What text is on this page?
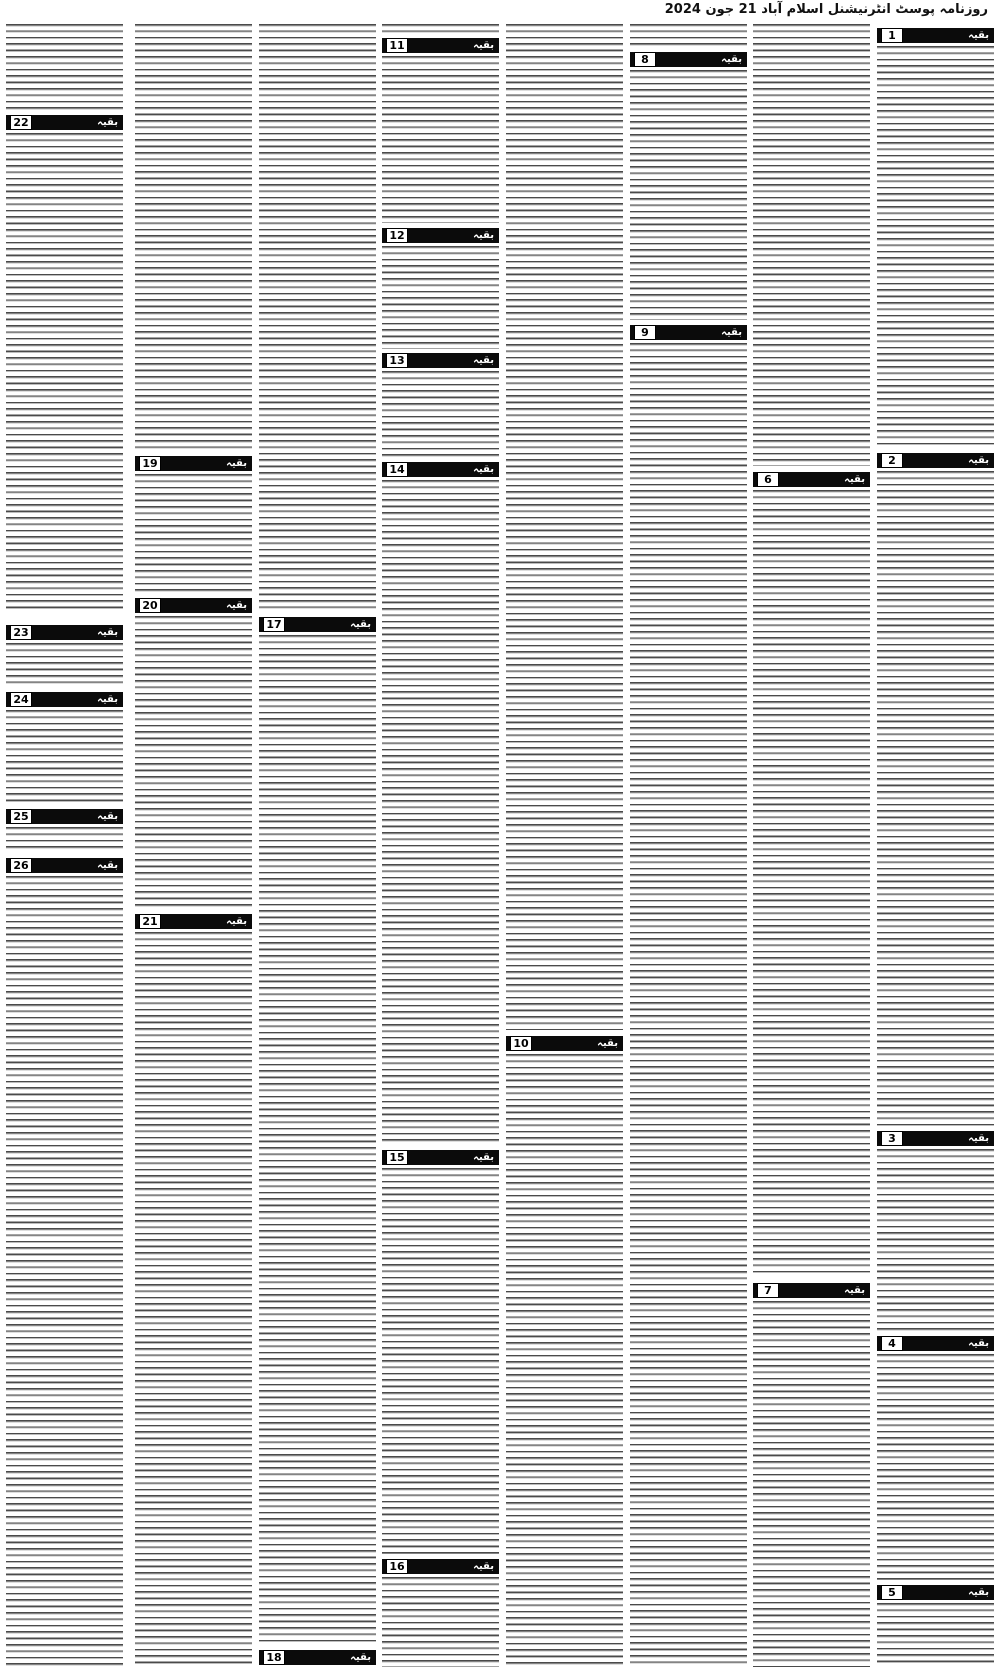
روزنامہ پوسٹ انٹرنیشنل اسلام آباد 21 جون 2024
1	بقیہ
2	بقیہ
3	بقیہ
4	بقیہ
5	بقیہ
6	بقیہ
7	بقیہ
8	بقیہ
9	بقیہ
10	بقیہ
11	بقیہ
12	بقیہ
13	بقیہ
14	بقیہ
15	بقیہ
16	بقیہ
17	بقیہ
18	بقیہ
19	بقیہ
20	بقیہ
21	بقیہ
22	بقیہ
23	بقیہ
24	بقیہ
25	بقیہ
26	بقیہ
